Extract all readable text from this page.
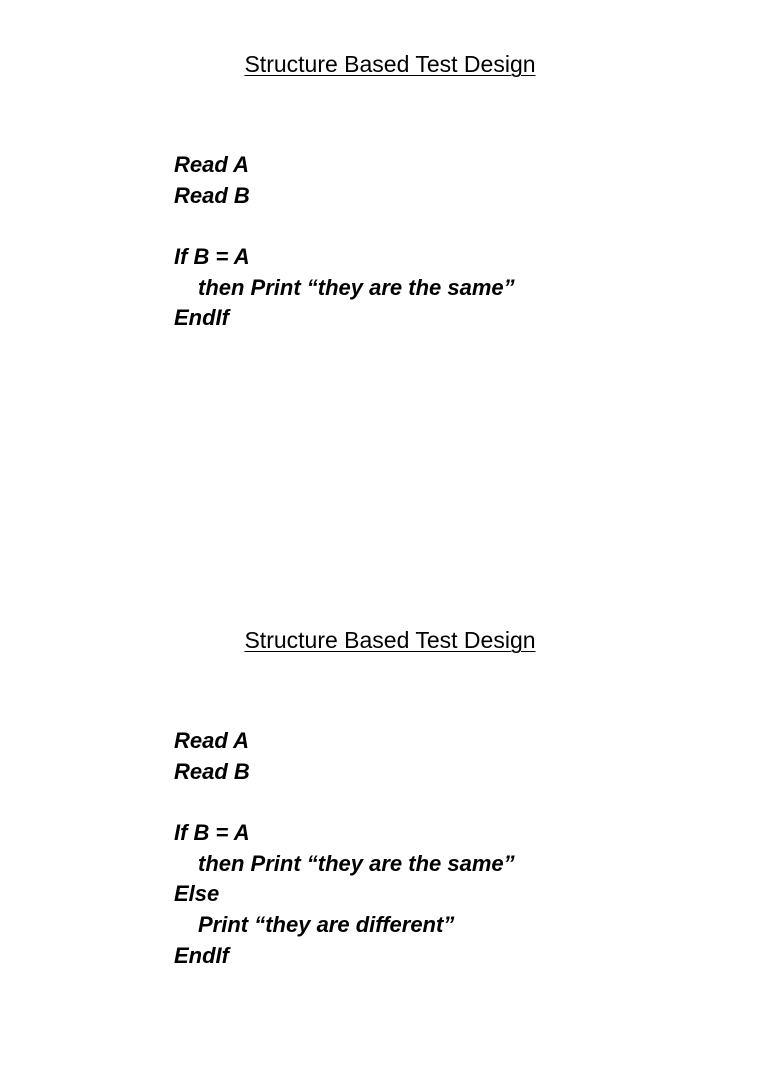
Structure Based Test Design
Read A
Read B
If B = A
then Print “they are the same”
EndIf
Structure Based Test Design
Read A
Read B
If B = A
then Print “they are the same”
Else
Print “they are different”
EndIf
